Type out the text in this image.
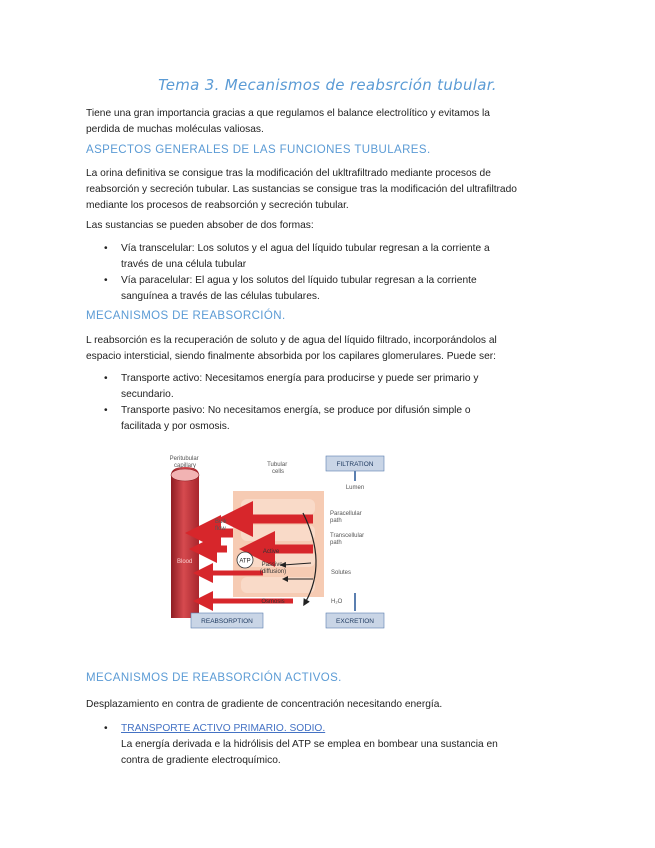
Tema 3. Mecanismos de reabsrción tubular.
Tiene una gran importancia gracias a que regulamos el balance electrolítico y evitamos la
perdida de muchas moléculas valiosas.
ASPECTOS GENERALES DE LAS FUNCIONES TUBULARES.
La orina definitiva se consigue tras la modificación del ukltrafiltrado mediante procesos de
reabsorción y secreción tubular. Las sustancias se consigue tras la modificación del ultrafiltrado
mediante los procesos de reabsorción y secreción tubular.
Las sustancias se pueden absober de dos formas:
• Vía transcelular: Los solutos y el agua del líquido tubular regresan a la corriente a
través de una célula tubular
• Vía paracelular: El agua y los solutos del líquido tubular regresan a la corriente
sanguínea a través de las células tubulares.
MECANISMOS DE REABSORCIÓN.
L reabsorción es la recuperación de soluto y de agua del líquido filtrado, incorporándolos al
espacio intersticial, siendo finalmente absorbida por los capilares glomerulares. Puede ser:
• Transporte activo: Necesitamos energía para producirse y puede ser primario y
secundario.
• Transporte pasivo: No necesitamos energía, se produce por difusión simple o
facilitada y por osmosis.
ATP
Peritubular capillary	Tubular cells
FILTRATION
Lumen
Paracellular path
Transcellular path
Bulk flow
Active
Passive (diffusion)	Solutes
Blood
Osmosis	H₂O
REABSORPTION	EXCRETION
MECANISMOS DE REABSORCIÓN ACTIVOS.
Desplazamiento en contra de gradiente de concentración necesitando energía.
• TRANSPORTE ACTIVO PRIMARIO. SODIO.
La energía derivada e la hidrólisis del ATP se emplea en bombear una sustancia en
contra de gradiente electroquímico.
